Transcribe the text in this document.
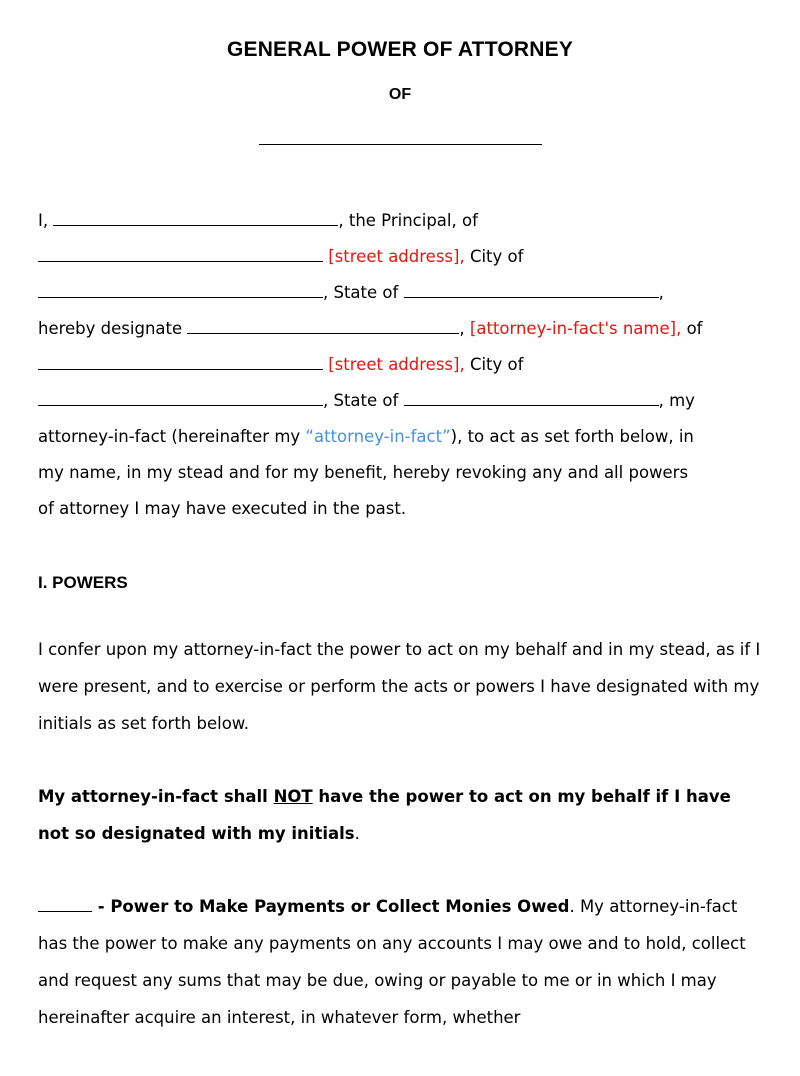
GENERAL POWER OF ATTORNEY
OF

I,	, the Principal, of

[street address], City of

, State of	,

hereby designate	, [attorney-in-fact's name], of

[street address], City of

, State of	, my

attorney-in-fact (hereinafter my “attorney-in-fact”), to act as set forth below, in

my name, in my stead and for my benefit, hereby revoking any and all powers

of attorney I may have executed in the past.

I. POWERS
I confer upon my attorney-in-fact the power to act on my behalf and in my stead, as if I were present, and to exercise or perform the acts or powers I have designated with my initials as set forth below.
My attorney-in-fact shall NOT have the power to act on my behalf if I have not so designated with my initials.
- Power to Make Payments or Collect Monies Owed. My attorney-in-fact has the power to make any payments on any accounts I may owe and to hold, collect and request any sums that may be due, owing or payable to me or in which I may hereinafter acquire an interest, in whatever form, whether
